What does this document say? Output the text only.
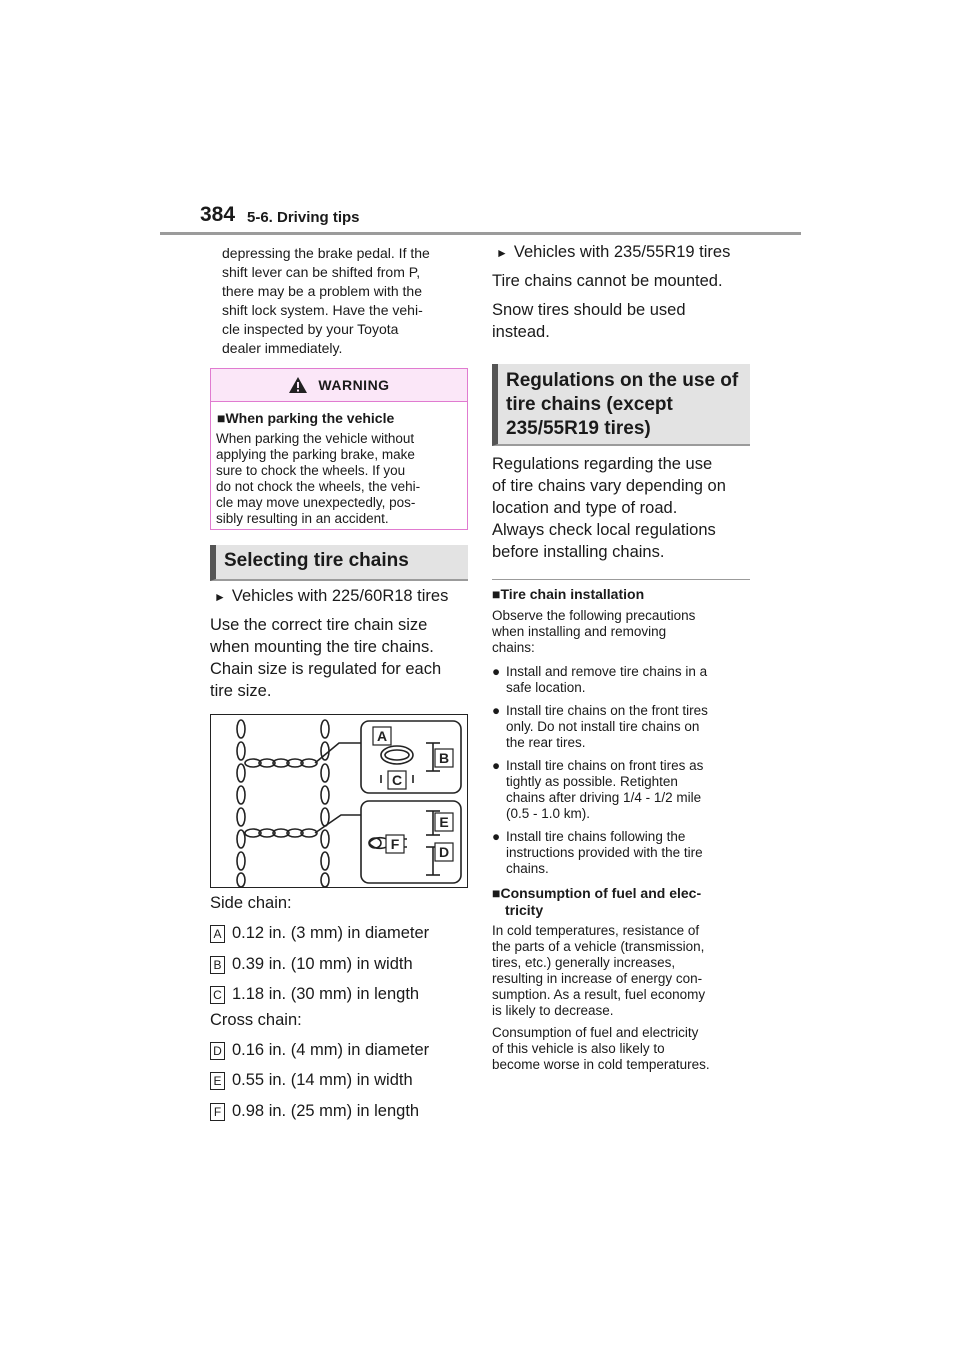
384 5-6. Driving tips
depressing the brake pedal. If the
shift lever can be shifted from P,
there may be a problem with the
shift lock system. Have the vehi-
cle inspected by your Toyota
dealer immediately.
WARNING
■When parking the vehicle
When parking the vehicle without
applying the parking brake, make
sure to chock the wheels. If you
do not chock the wheels, the vehi-
cle may move unexpectedly, pos-
sibly resulting in an accident.
Selecting tire chains
► Vehicles with 225/60R18 tires
Use the correct tire chain size
when mounting the tire chains.
Chain size is regulated for each
tire size.
A
B
C
D
E
F
Side chain:
A 0.12 in. (3 mm) in diameter
B 0.39 in. (10 mm) in width
C 1.18 in. (30 mm) in length
Cross chain:
D 0.16 in. (4 mm) in diameter
E 0.55 in. (14 mm) in width
F 0.98 in. (25 mm) in length
► Vehicles with 235/55R19 tires
Tire chains cannot be mounted.
Snow tires should be used
instead.
Regulations on the use of
tire chains (except
235/55R19 tires)
Regulations regarding the use
of tire chains vary depending on
location and type of road.
Always check local regulations
before installing chains.
■Tire chain installation
Observe the following precautions
when installing and removing
chains:
● Install and remove tire chains in a
safe location.
● Install tire chains on the front tires
only. Do not install tire chains on
the rear tires.
● Install tire chains on front tires as
tightly as possible. Retighten
chains after driving 1/4 - 1/2 mile
(0.5 - 1.0 km).
● Install tire chains following the
instructions provided with the tire
chains.
■Consumption of fuel and elec-
tricity
In cold temperatures, resistance of
the parts of a vehicle (transmission,
tires, etc.) generally increases,
resulting in increase of energy con-
sumption. As a result, fuel economy
is likely to decrease.
Consumption of fuel and electricity
of this vehicle is also likely to
become worse in cold temperatures.
